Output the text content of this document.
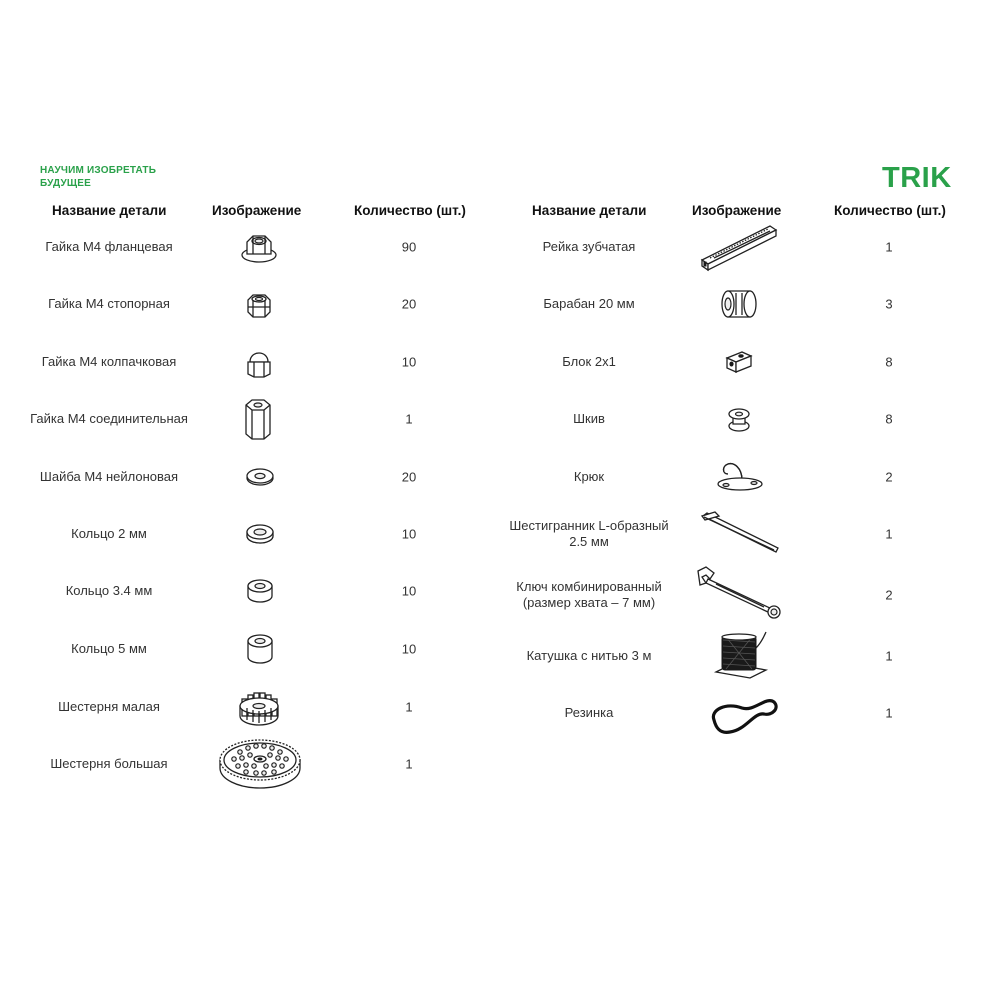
НАУЧИМ ИЗОБРЕТАТЬ
БУДУЩЕЕ	TRIK
Название детали	Изображение	Количество (шт.)	Название детали	Изображение	Количество (шт.)
Гайка М4 фланцевая	90
Гайка М4 стопорная	20
Гайка М4 колпачковая	10
Гайка М4 соединительная	1
Шайба М4 нейлоновая	20
Кольцо 2 мм	10
Кольцо 3.4 мм	10
Кольцо 5 мм	10
Шестерня малая	1
Шестерня большая	1
Рейка зубчатая	1
Барабан 20 мм	3
Блок 2х1	8
Шкив	8
Крюк	2
Шестигранник L-образный 2.5 мм	1
Ключ комбинированный (размер хвата – 7 мм)	2
Катушка с нитью 3 м	1
Резинка	1
